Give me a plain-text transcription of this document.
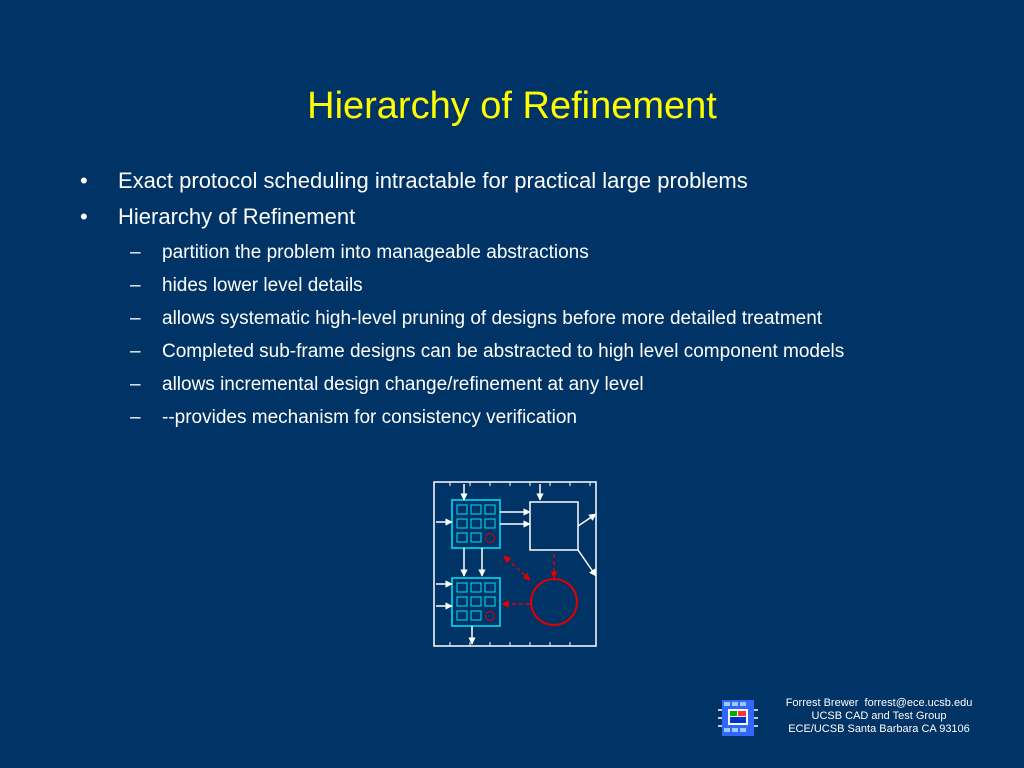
Hierarchy of Refinement
• Exact protocol scheduling intractable for practical large problems
• Hierarchy of Refinement
– partition the problem into manageable abstractions
– hides lower level details
– allows systematic high-level pruning of designs before more detailed treatment
– Completed sub-frame designs can be abstracted to high level component models
– allows incremental design change/refinement at any level
– --provides mechanism for consistency verification
Forrest Brewer  forrest@ece.ucsb.edu
UCSB CAD and Test Group
ECE/UCSB Santa Barbara CA 93106
